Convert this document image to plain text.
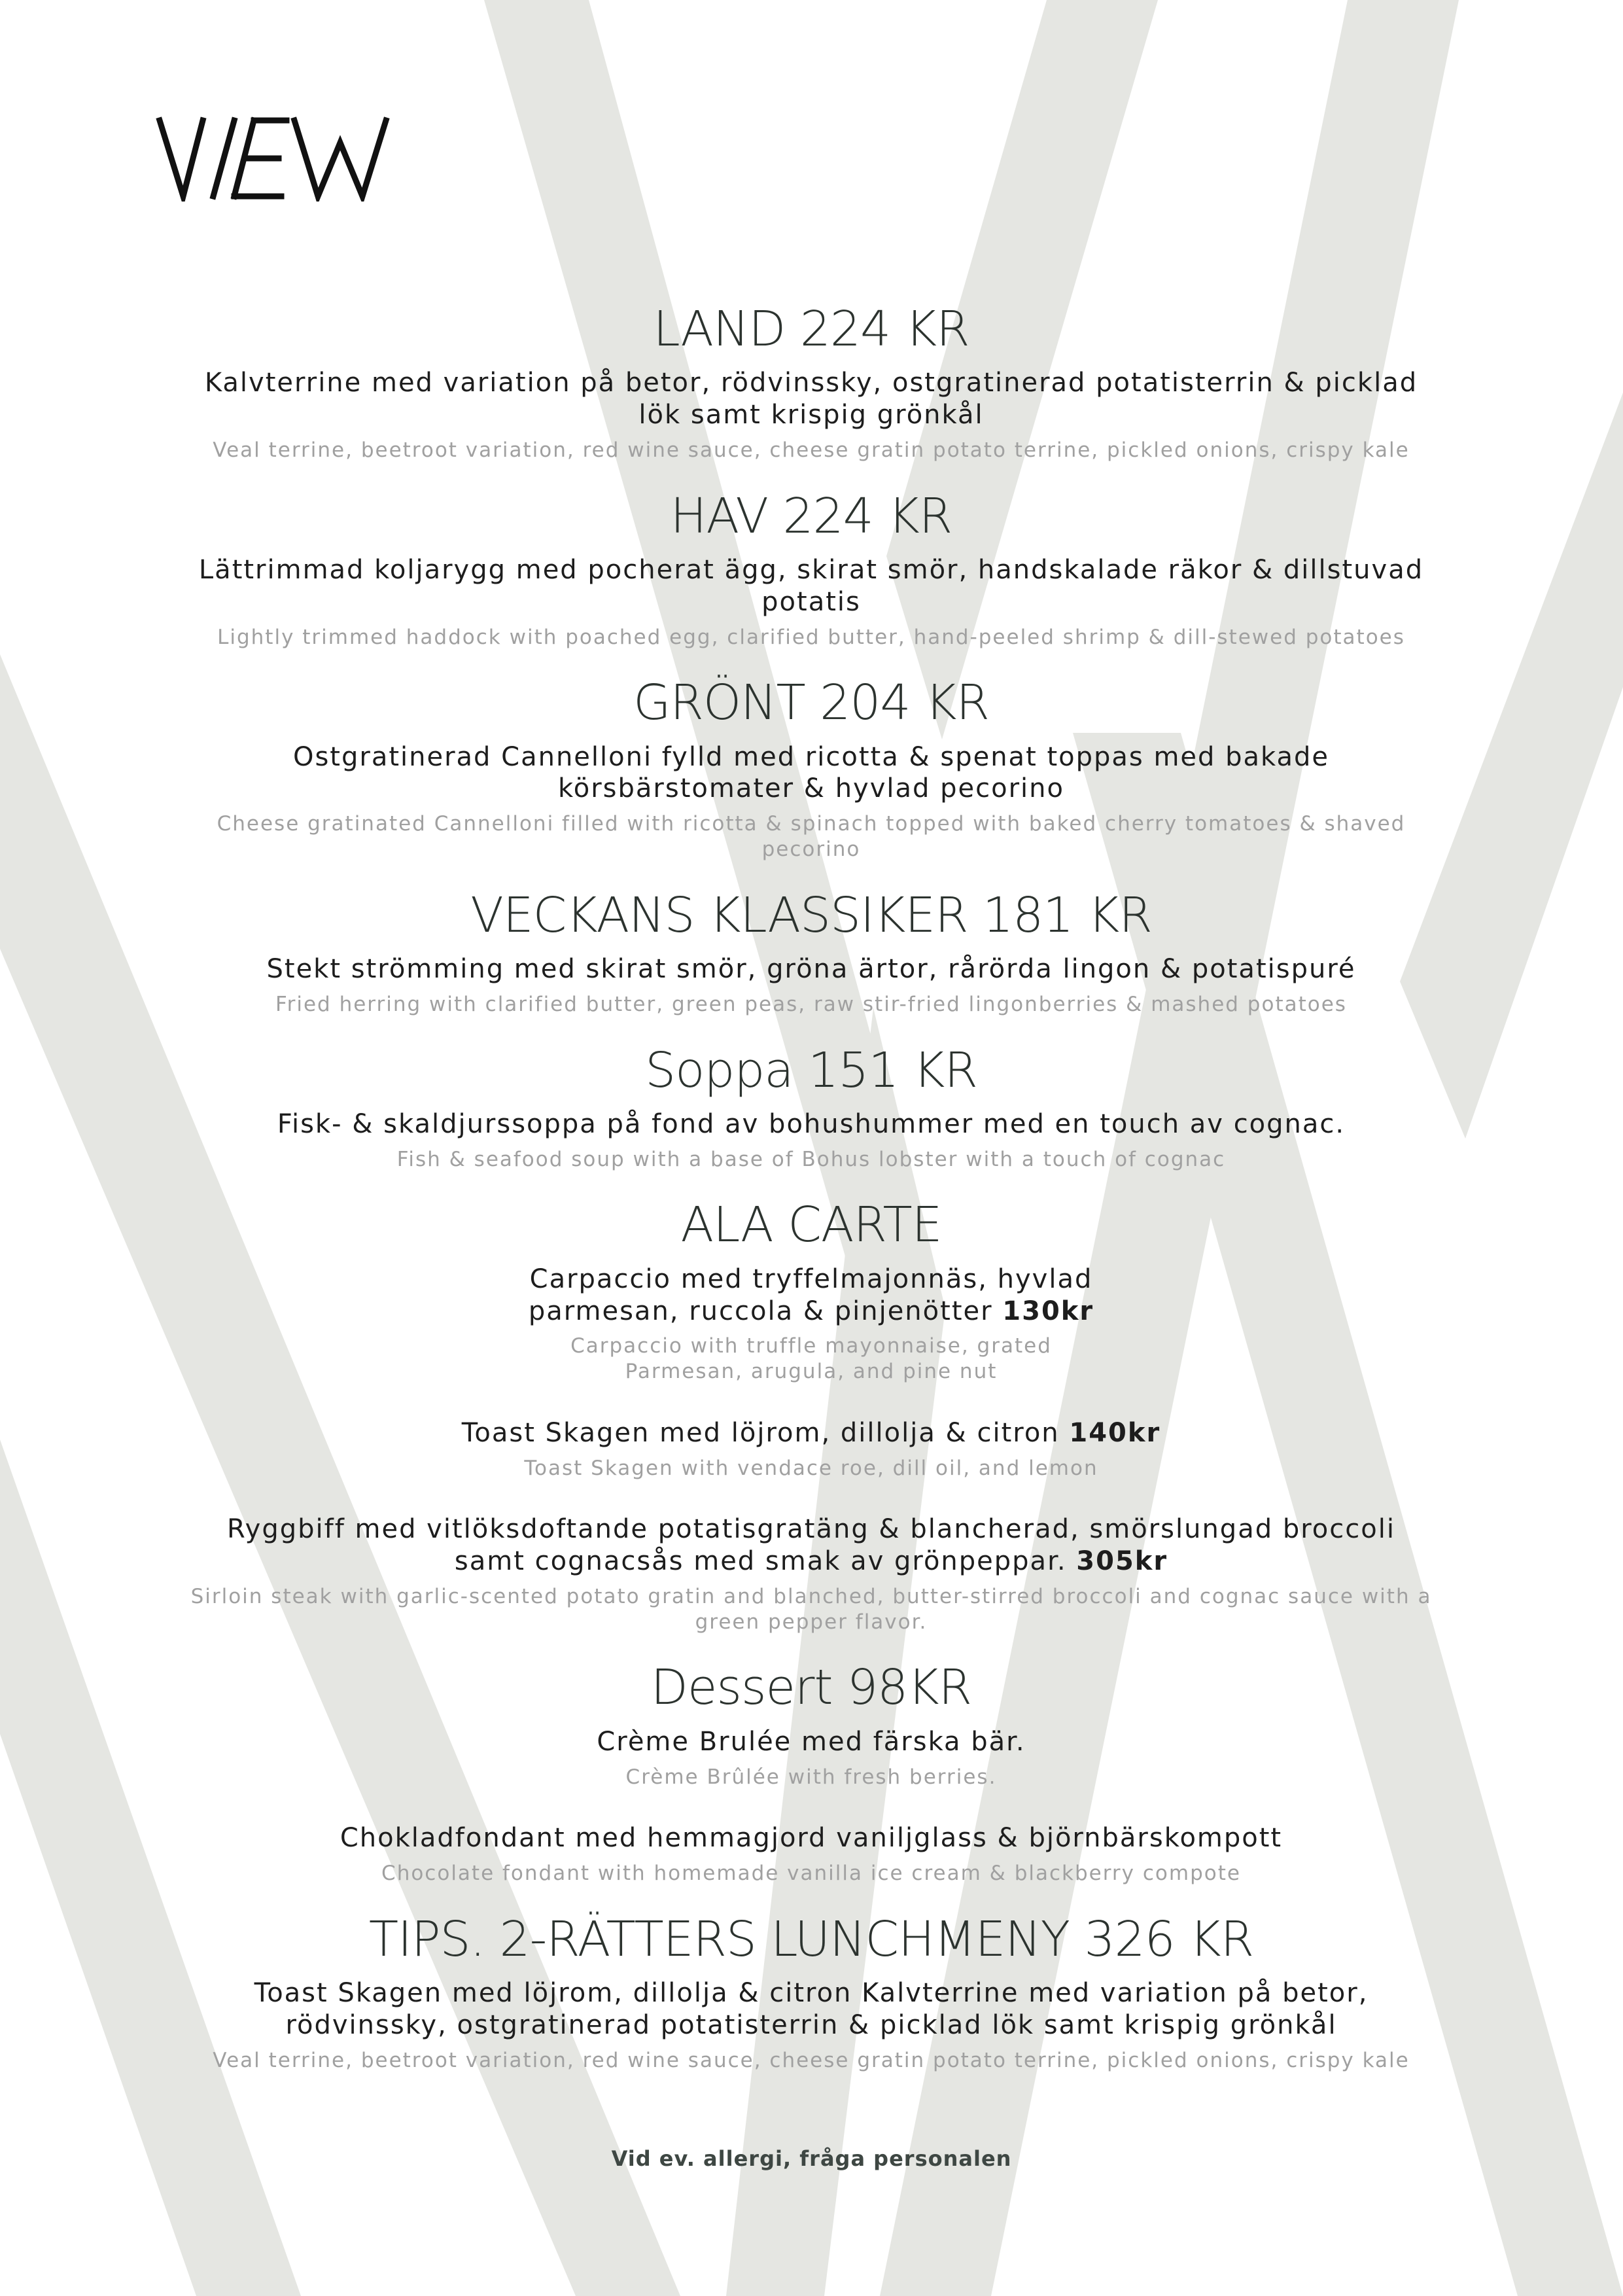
LAND 224 KR
Kalvterrine med variation på betor, rödvinssky, ostgratinerad potatisterrin & picklad lök samt krispig grönkål
Veal terrine, beetroot variation, red wine sauce, cheese gratin potato terrine, pickled onions, crispy kale
HAV 224 KR
Lättrimmad koljarygg med pocherat ägg, skirat smör, handskalade räkor & dillstuvad potatis
Lightly trimmed haddock with poached egg, clarified butter, hand-peeled shrimp & dill-stewed potatoes
GRÖNT 204 KR
Ostgratinerad Cannelloni fylld med ricotta & spenat toppas med bakade körsbärstomater & hyvlad pecorino
Cheese gratinated Cannelloni filled with ricotta & spinach topped with baked cherry tomatoes & shaved pecorino
VECKANS KLASSIKER 181 KR
Stekt strömming med skirat smör, gröna ärtor, rårörda lingon & potatispuré
Fried herring with clarified butter, green peas, raw stir-fried lingonberries & mashed potatoes
Soppa 151 KR
Fisk- & skaldjurssoppa på fond av bohushummer med en touch av cognac.
Fish & seafood soup with a base of Bohus lobster with a touch of cognac
ALA CARTE
Carpaccio med tryffelmajonnäs, hyvlad parmesan, ruccola & pinjenötter 130kr
Carpaccio with truffle mayonnaise, grated Parmesan, arugula, and pine nut
Toast Skagen med löjrom, dillolja & citron 140kr
Toast Skagen with vendace roe, dill oil, and lemon
Ryggbiff med vitlöksdoftande potatisgratäng & blancherad, smörslungad broccoli samt cognacsås med smak av grönpeppar. 305kr
Sirloin steak with garlic-scented potato gratin and blanched, butter-stirred broccoli and cognac sauce with a green pepper flavor.
Dessert 98KR
Crème Brulée med färska bär.
Crème Brûlée with fresh berries.
Chokladfondant med hemmagjord vaniljglass & björnbärskompott
Chocolate fondant with homemade vanilla ice cream & blackberry compote
TIPS. 2-RÄTTERS LUNCHMENY 326 KR
Toast Skagen med löjrom, dillolja & citron Kalvterrine med variation på betor, rödvinssky, ostgratinerad potatisterrin & picklad lök samt krispig grönkål
Veal terrine, beetroot variation, red wine sauce, cheese gratin potato terrine, pickled onions, crispy kale
Vid ev. allergi, fråga personalen
